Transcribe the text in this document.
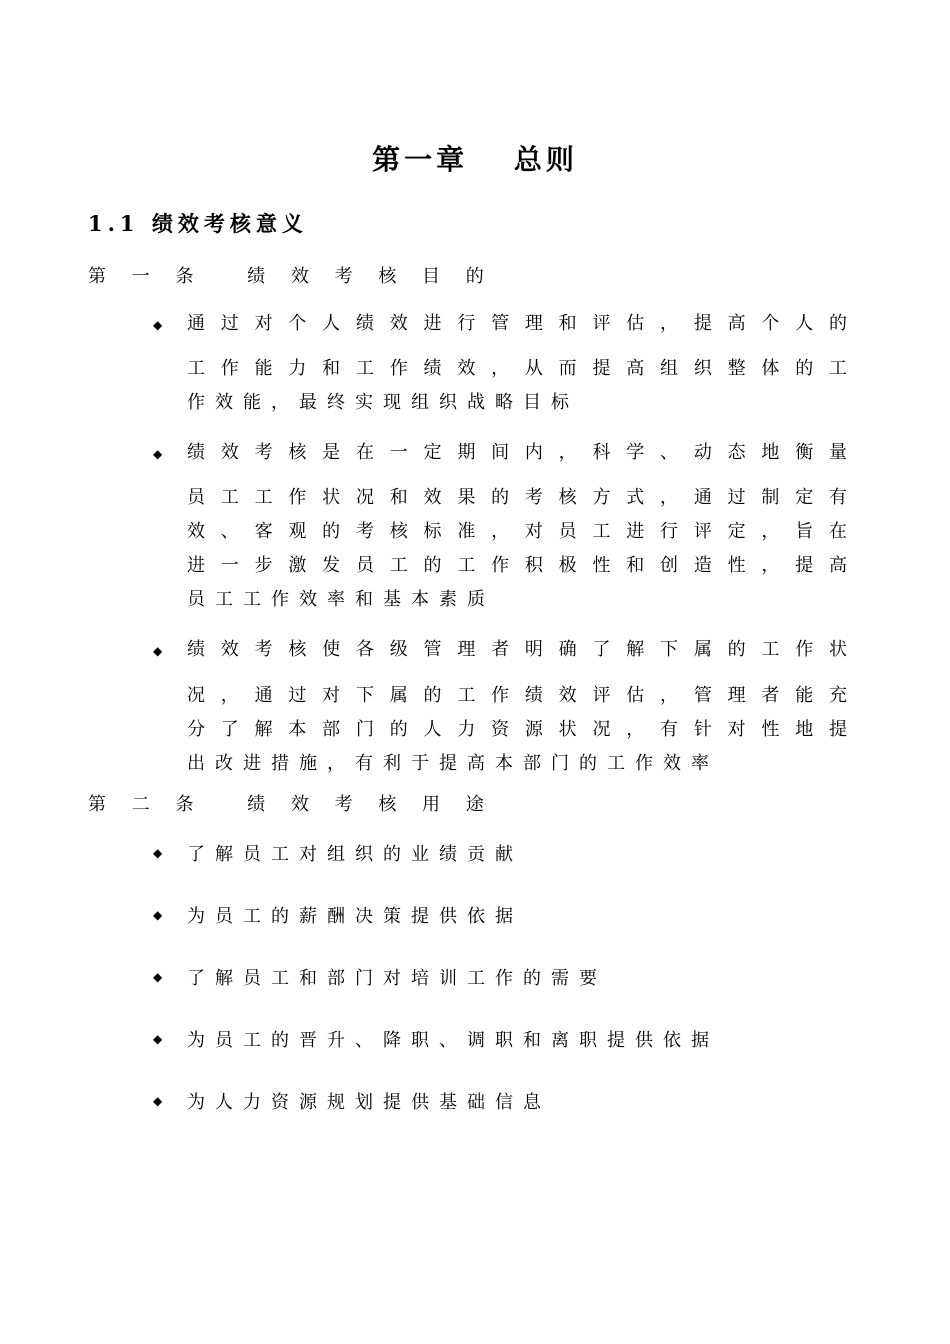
第一章　 总则
1.1 绩效考核意义
第 一 条　 绩 效 考 核 目 的
◆ 通过对个人绩效进行管理和评估，提高个人的
工作能力和工作绩效，从而提高组织整体的工
作效能，最终实现组织战略目标
◆ 绩效考核是在一定期间内，科学、动态地衡量
员工工作状况和效果的考核方式，通过制定有
效、客观的考核标准，对员工进行评定，旨在
进一步激发员工的工作积极性和创造性，提高
员工工作效率和基本素质
◆ 绩效考核使各级管理者明确了解下属的工作状
况，通过对下属的工作绩效评估，管理者能充
分了解本部门的人力资源状况，有针对性地提
出改进措施，有利于提高本部门的工作效率
第 二 条　 绩 效 考 核 用 途
◆ 了解员工对组织的业绩贡献
◆ 为员工的薪酬决策提供依据
◆ 了解员工和部门对培训工作的需要
◆ 为员工的晋升、降职、调职和离职提供依据
◆ 为人力资源规划提供基础信息
